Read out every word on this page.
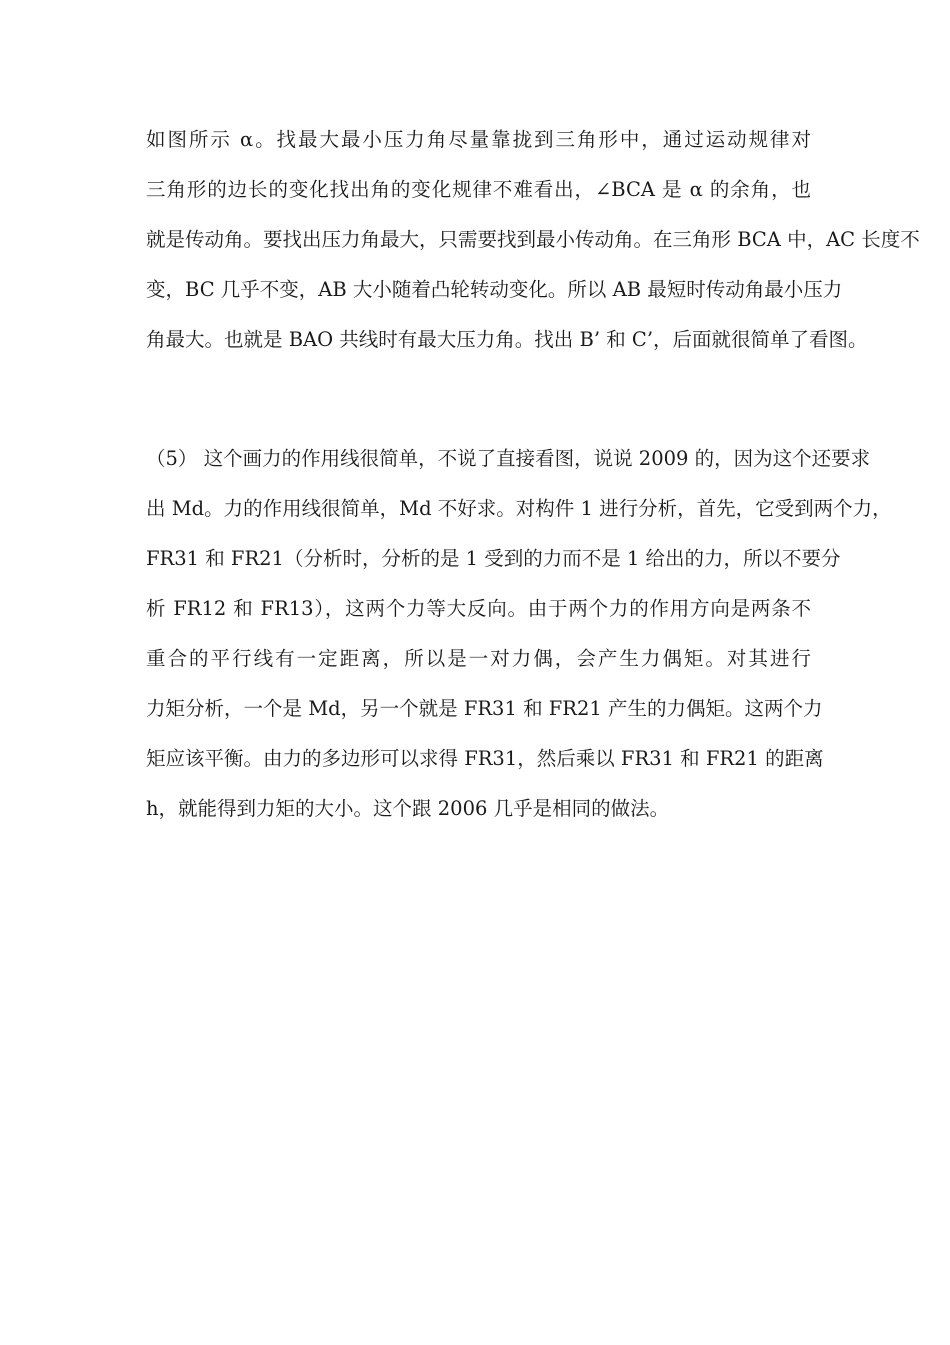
如图所示 α。找最大最小压力角尽量靠拢到三角形中，通过运动规律对
三角形的边长的变化找出角的变化规律不难看出，∠BCA 是 α 的余角，也
就是传动角。要找出压力角最大，只需要找到最小传动角。在三角形 BCA 中，AC 长度不
变，BC 几乎不变，AB 大小随着凸轮转动变化。所以 AB 最短时传动角最小压力
角最大。也就是 BAO 共线时有最大压力角。找出 B’ 和 C’，后面就很简单了看图。
（5） 这个画力的作用线很简单，不说了直接看图，说说 2009 的，因为这个还要求
出 Md。力的作用线很简单，Md 不好求。对构件 1 进行分析，首先，它受到两个力，
FR31 和 FR21（分析时，分析的是 1 受到的力而不是 1 给出的力，所以不要分
析 FR12 和 FR13），这两个力等大反向。由于两个力的作用方向是两条不
重合的平行线有一定距离，所以是一对力偶，会产生力偶矩。对其进行
力矩分析，一个是 Md，另一个就是 FR31 和 FR21 产生的力偶矩。这两个力
矩应该平衡。由力的多边形可以求得 FR31，然后乘以 FR31 和 FR21 的距离
h，就能得到力矩的大小。这个跟 2006 几乎是相同的做法。
